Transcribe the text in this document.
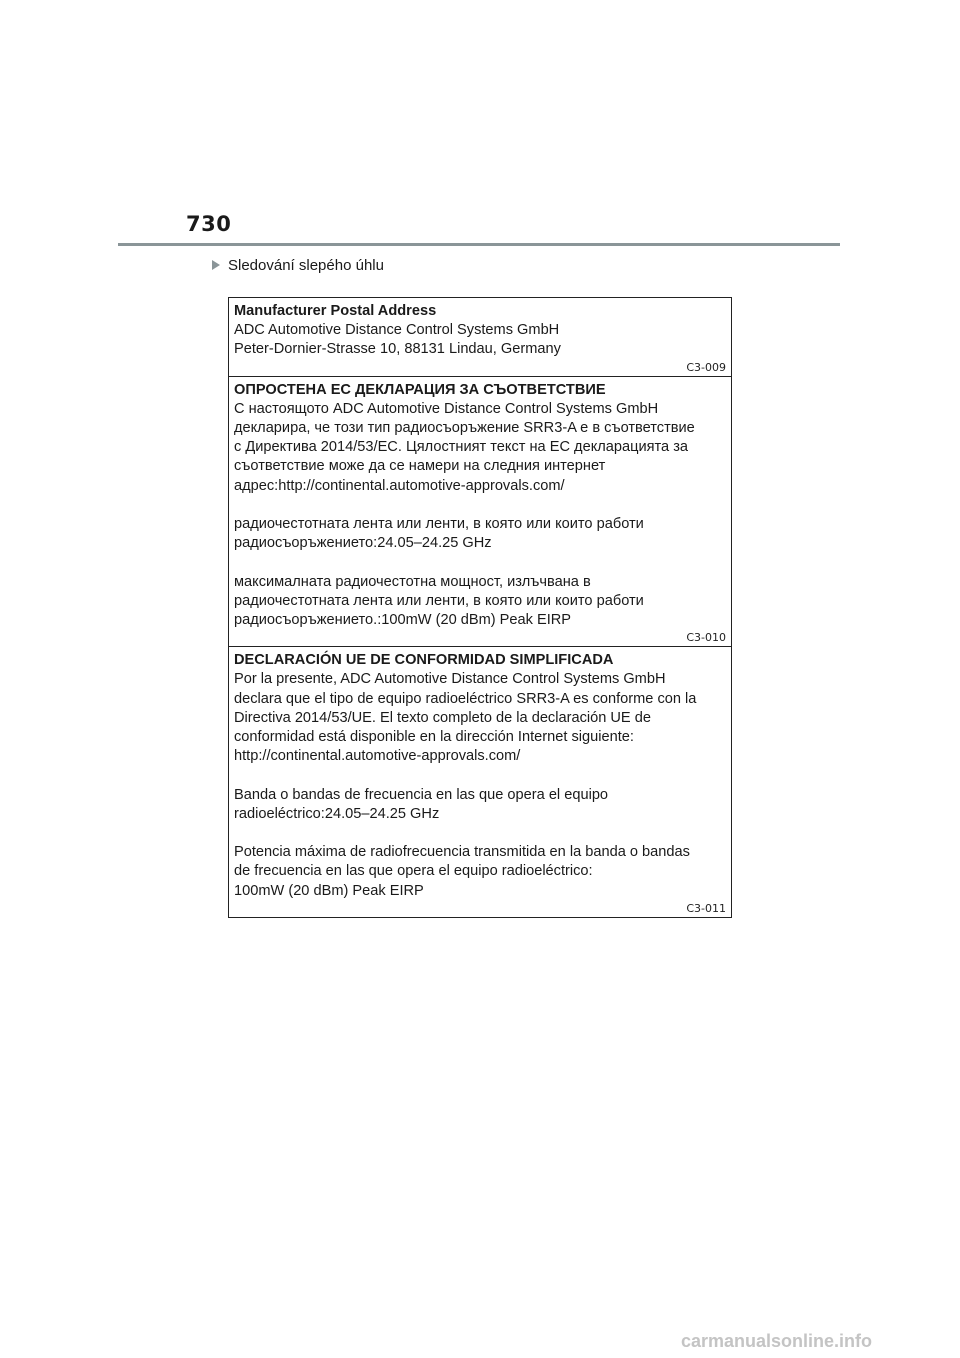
730
Sledování slepého úhlu

Manufacturer Postal Address

ADC Automotive Distance Control Systems GmbH
Peter-Dornier-Strasse 10, 88131 Lindau, Germany

C3-009

ОПРОСТЕНА ЕС ДЕКЛАРАЦИЯ ЗА СЪОТВЕТСТВИЕ

С настоящото ADC Automotive Distance Control Systems GmbH
декларира, че този тип радиосъоръжение SRR3-A е в съответствие
с Директива 2014/53/ЕС. Цялостният текст на ЕС декларацията за
съответствие може да се намери на следния интернет
адрес:http://continental.automotive-approvals.com/

радиочестотната лента или ленти, в която или които работи
радиосъоръжението:24.05–24.25 GHz

максималната радиочестотна мощност, излъчвана в
радиочестотната лента или ленти, в която или които работи
радиосъоръжението.:100mW (20 dBm) Peak EIRP

C3-010

DECLARACIÓN UE DE CONFORMIDAD SIMPLIFICADA

Por la presente, ADC Automotive Distance Control Systems GmbH
declara que el tipo de equipo radioeléctrico SRR3-A es conforme con la
Directiva 2014/53/UE. El texto completo de la declaración UE de
conformidad está disponible en la dirección Internet siguiente:
http://continental.automotive-approvals.com/

Banda o bandas de frecuencia en las que opera el equipo
radioeléctrico:24.05–24.25 GHz

Potencia máxima de radiofrecuencia transmitida en la banda o bandas
de frecuencia en las que opera el equipo radioeléctrico:
100mW (20 dBm) Peak EIRP

C3-011
carmanualsonline.info
